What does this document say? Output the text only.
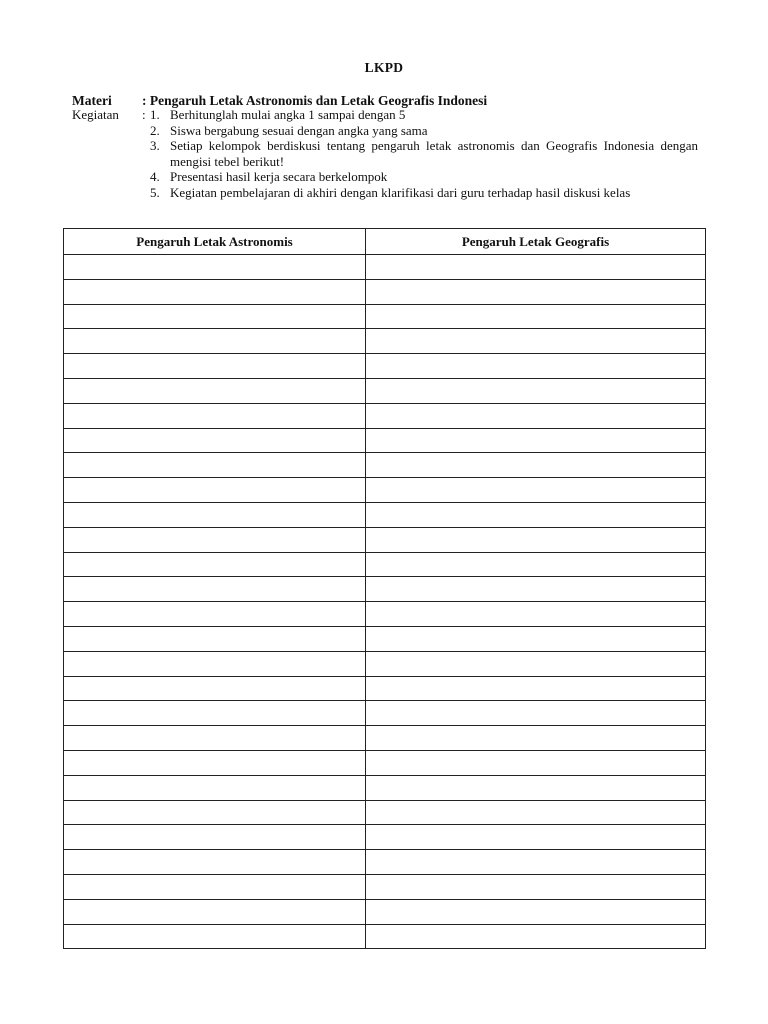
LKPD
Materi : Pengaruh Letak Astronomis dan Letak Geografis Indonesi
Kegiatan	: 1. Berhitunglah mulai angka 1 sampai dengan 5
2. Siswa bergabung sesuai dengan angka yang sama
3. Setiap kelompok berdiskusi tentang pengaruh letak astronomis dan Geografis Indonesia dengan mengisi tebel berikut!
4. Presentasi hasil kerja secara berkelompok
5. Kegiatan pembelajaran di akhiri dengan klarifikasi dari guru terhadap hasil diskusi kelas
Pengaruh Letak Astronomis	Pengaruh Letak Geografis
